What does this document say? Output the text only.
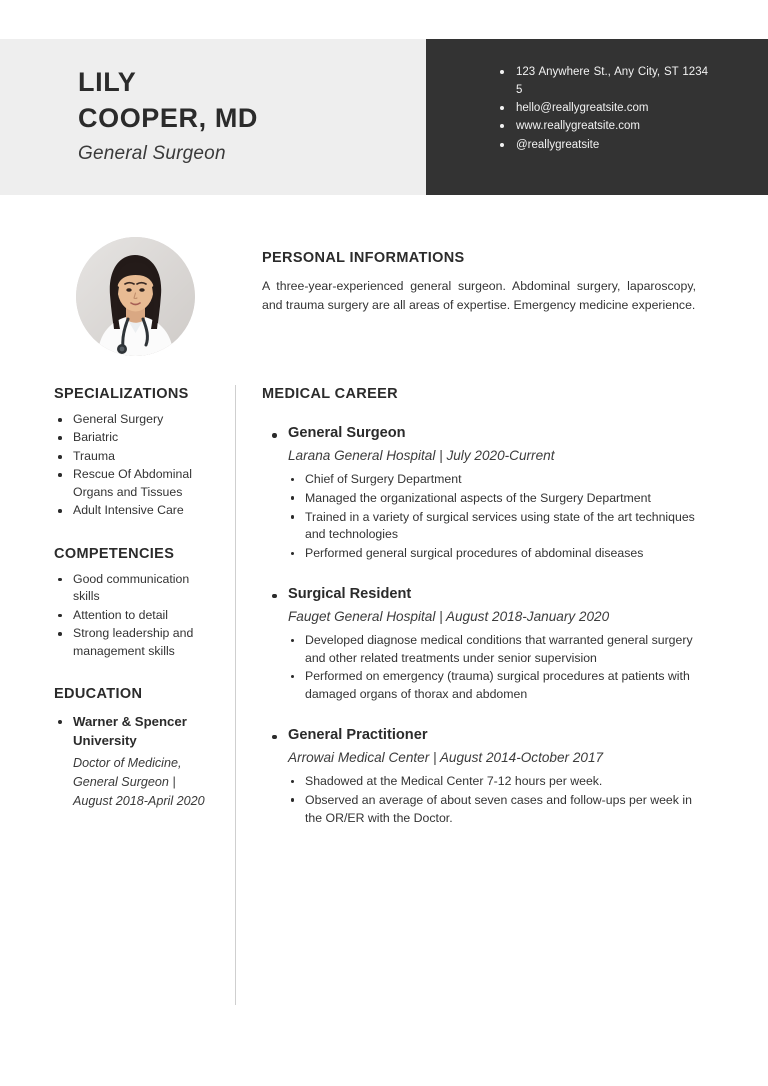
LILY
COOPER, MD
General Surgeon
123 Anywhere St., Any City, ST 12345
hello@reallygreatsite.com
www.reallygreatsite.com
@reallygreatsite
PERSONAL INFORMATIONS
A three-year-experienced general surgeon. Abdominal surgery, laparoscopy, and trauma surgery are all areas of expertise. Emergency medicine experience.
SPECIALIZATIONS
General Surgery
Bariatric
Trauma
Rescue Of Abdominal Organs and Tissues
Adult Intensive Care
COMPETENCIES
Good communication skills
Attention to detail
Strong leadership and management skills
EDUCATION
Warner & Spencer University
Doctor of Medicine, General Surgeon | August 2018-April 2020
MEDICAL CAREER
General Surgeon
Larana General Hospital | July 2020-Current
Chief of Surgery Department
Managed the organizational aspects of the Surgery Department
Trained in a variety of surgical services using state of the art techniques and technologies
Performed general surgical procedures of abdominal diseases
Surgical Resident
Fauget General Hospital | August 2018-January 2020
Developed diagnose medical conditions that warranted general surgery and other related treatments under senior supervision
Performed on emergency (trauma) surgical procedures at patients with damaged organs of thorax and abdomen
General Practitioner
Arrowai Medical Center | August 2014-October 2017
Shadowed at the Medical Center 7-12 hours per week.
Observed an average of about seven cases and follow-ups per week in the OR/ER with the Doctor.
